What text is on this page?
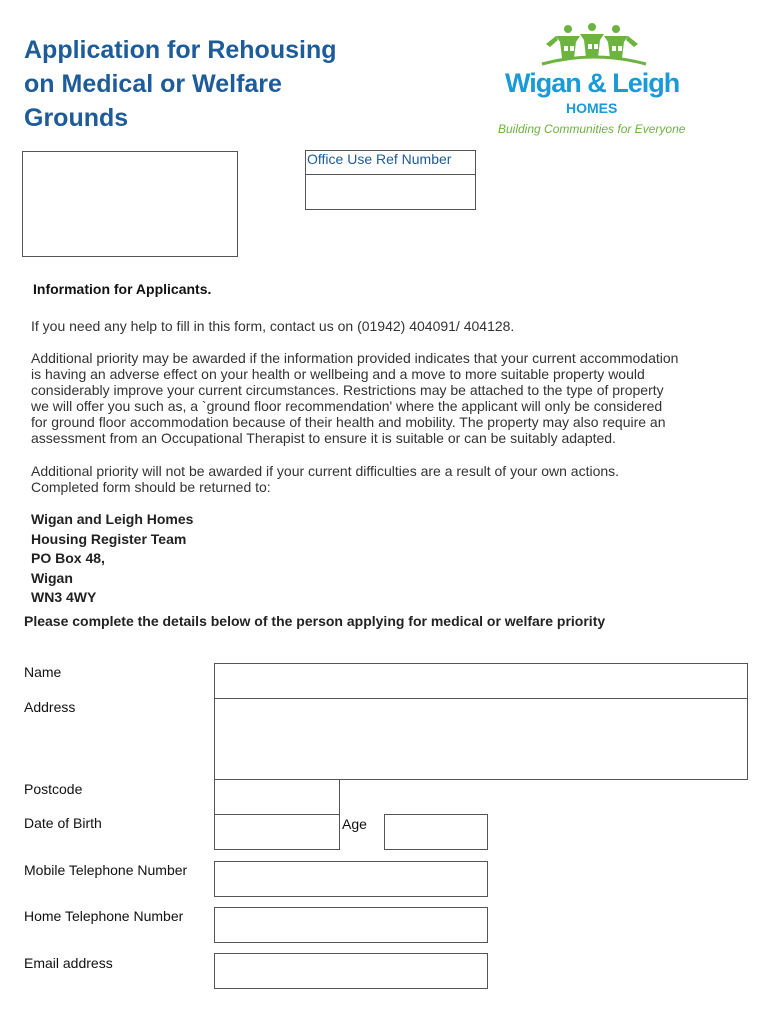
Application for Rehousing
on Medical or Welfare
Grounds
Wigan & Leigh
HOMES
Building Communities for Everyone
Office Use Ref Number
Information for Applicants.
If you need any help to fill in this form, contact us on (01942) 404091/ 404128.
Additional priority may be awarded if the information provided indicates that your current accommodation
is having an adverse effect on your health or wellbeing and a move to more suitable property would
considerably improve your current circumstances. Restrictions may be attached to the type of property
we will offer you such as, a `ground floor recommendation' where the applicant will only be considered
for ground floor accommodation because of their health and mobility. The property may also require an
assessment from an Occupational Therapist to ensure it is suitable or can be suitably adapted.
Additional priority will not be awarded if your current difficulties are a result of your own actions.
Completed form should be returned to:
Wigan and Leigh Homes
Housing Register Team
PO Box 48,
Wigan
WN3 4WY
Please complete the details below of the person applying for medical or welfare priority
Name
Address
Postcode
Date of Birth	Age
Mobile Telephone Number
Home Telephone Number
Email address
